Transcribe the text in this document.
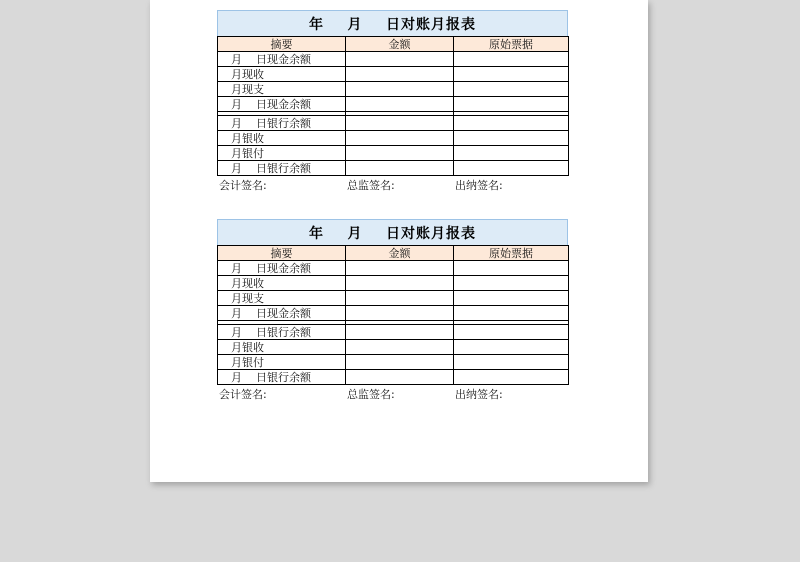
年    月    日对账月报表
摘要	金额	原始票据
月    日现金余额		
月现收		
月现支		
月    日现金余额		

月    日银行余额		
月银收		
月银付		
月    日银行余额		
会计签名:	总监签名:	出纳签名:
年    月    日对账月报表
摘要	金额	原始票据
月    日现金余额		
月现收		
月现支		
月    日现金余额		

月    日银行余额		
月银收		
月银付		
月    日银行余额		
会计签名:	总监签名:	出纳签名:
